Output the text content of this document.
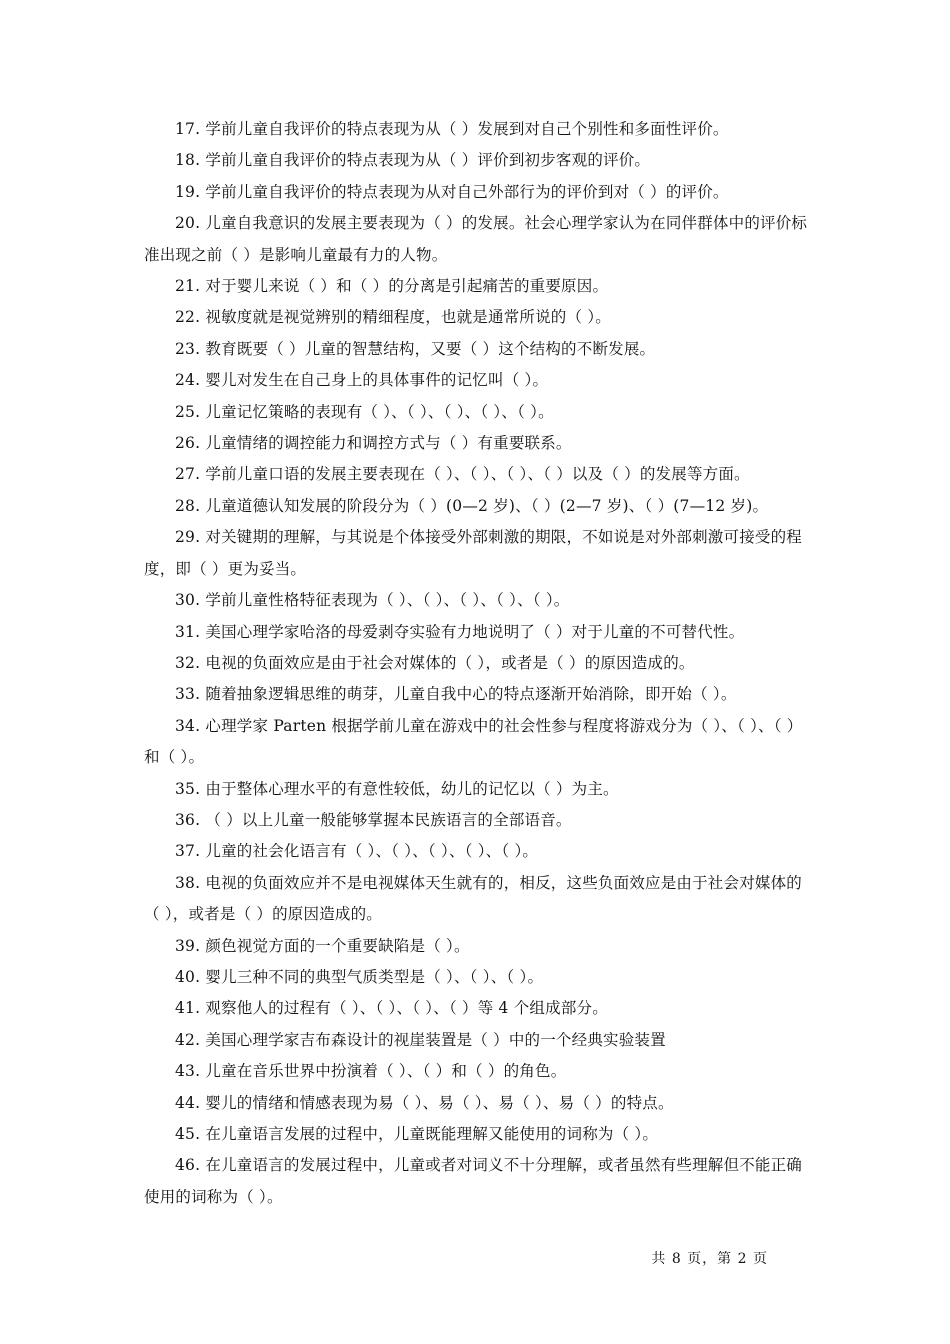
17. 学前儿童自我评价的特点表现为从（ ）发展到对自己个别性和多面性评价。

18. 学前儿童自我评价的特点表现为从（ ）评价到初步客观的评价。

19. 学前儿童自我评价的特点表现为从对自己外部行为的评价到对（ ）的评价。

20. 儿童自我意识的发展主要表现为（ ）的发展。社会心理学家认为在同伴群体中的评价标准出现之前（ ）是影响儿童最有力的人物。

21. 对于婴儿来说（ ）和（ ）的分离是引起痛苦的重要原因。

22. 视敏度就是视觉辨别的精细程度，也就是通常所说的（ ）。

23. 教育既要（ ）儿童的智慧结构，又要（ ）这个结构的不断发展。

24. 婴儿对发生在自己身上的具体事件的记忆叫（ ）。

25. 儿童记忆策略的表现有（ ）、（ ）、（ ）、（ ）、（ ）。

26. 儿童情绪的调控能力和调控方式与（ ）有重要联系。

27. 学前儿童口语的发展主要表现在（ ）、（ ）、（ ）、（ ）以及（ ）的发展等方面。

28. 儿童道德认知发展的阶段分为（ ）(0—2 岁)、（ ）(2—7 岁)、（ ）(7—12 岁)。

29. 对关键期的理解，与其说是个体接受外部刺激的期限，不如说是对外部刺激可接受的程度，即（ ）更为妥当。

30. 学前儿童性格特征表现为（ ）、（ ）、（ ）、（ ）、（ ）。

31. 美国心理学家哈洛的母爱剥夺实验有力地说明了（ ）对于儿童的不可替代性。

32. 电视的负面效应是由于社会对媒体的（ ），或者是（ ）的原因造成的。

33. 随着抽象逻辑思维的萌芽，儿童自我中心的特点逐渐开始消除，即开始（ ）。

34. 心理学家 Parten 根据学前儿童在游戏中的社会性参与程度将游戏分为（ ）、（ ）、（ ）和（ ）。

35. 由于整体心理水平的有意性较低，幼儿的记忆以（ ）为主。

36. （ ）以上儿童一般能够掌握本民族语言的全部语音。

37. 儿童的社会化语言有（ ）、（ ）、（ ）、（ ）、（ ）。

38. 电视的负面效应并不是电视媒体天生就有的，相反，这些负面效应是由于社会对媒体的（ ），或者是（ ）的原因造成的。

39. 颜色视觉方面的一个重要缺陷是（ ）。

40. 婴儿三种不同的典型气质类型是（ ）、（ ）、（ ）。

41. 观察他人的过程有（ ）、（ ）、（ ）、（ ）等 4 个组成部分。

42. 美国心理学家吉布森设计的视崖装置是（ ）中的一个经典实验装置

43. 儿童在音乐世界中扮演着（ ）、（ ）和（ ）的角色。

44. 婴儿的情绪和情感表现为易（ ）、易（ ）、易（ ）、易（ ）的特点。

45. 在儿童语言发展的过程中，儿童既能理解又能使用的词称为（ ）。

46. 在儿童语言的发展过程中，儿童或者对词义不十分理解，或者虽然有些理解但不能正确使用的词称为（ ）。

共 8 页，第 2 页
